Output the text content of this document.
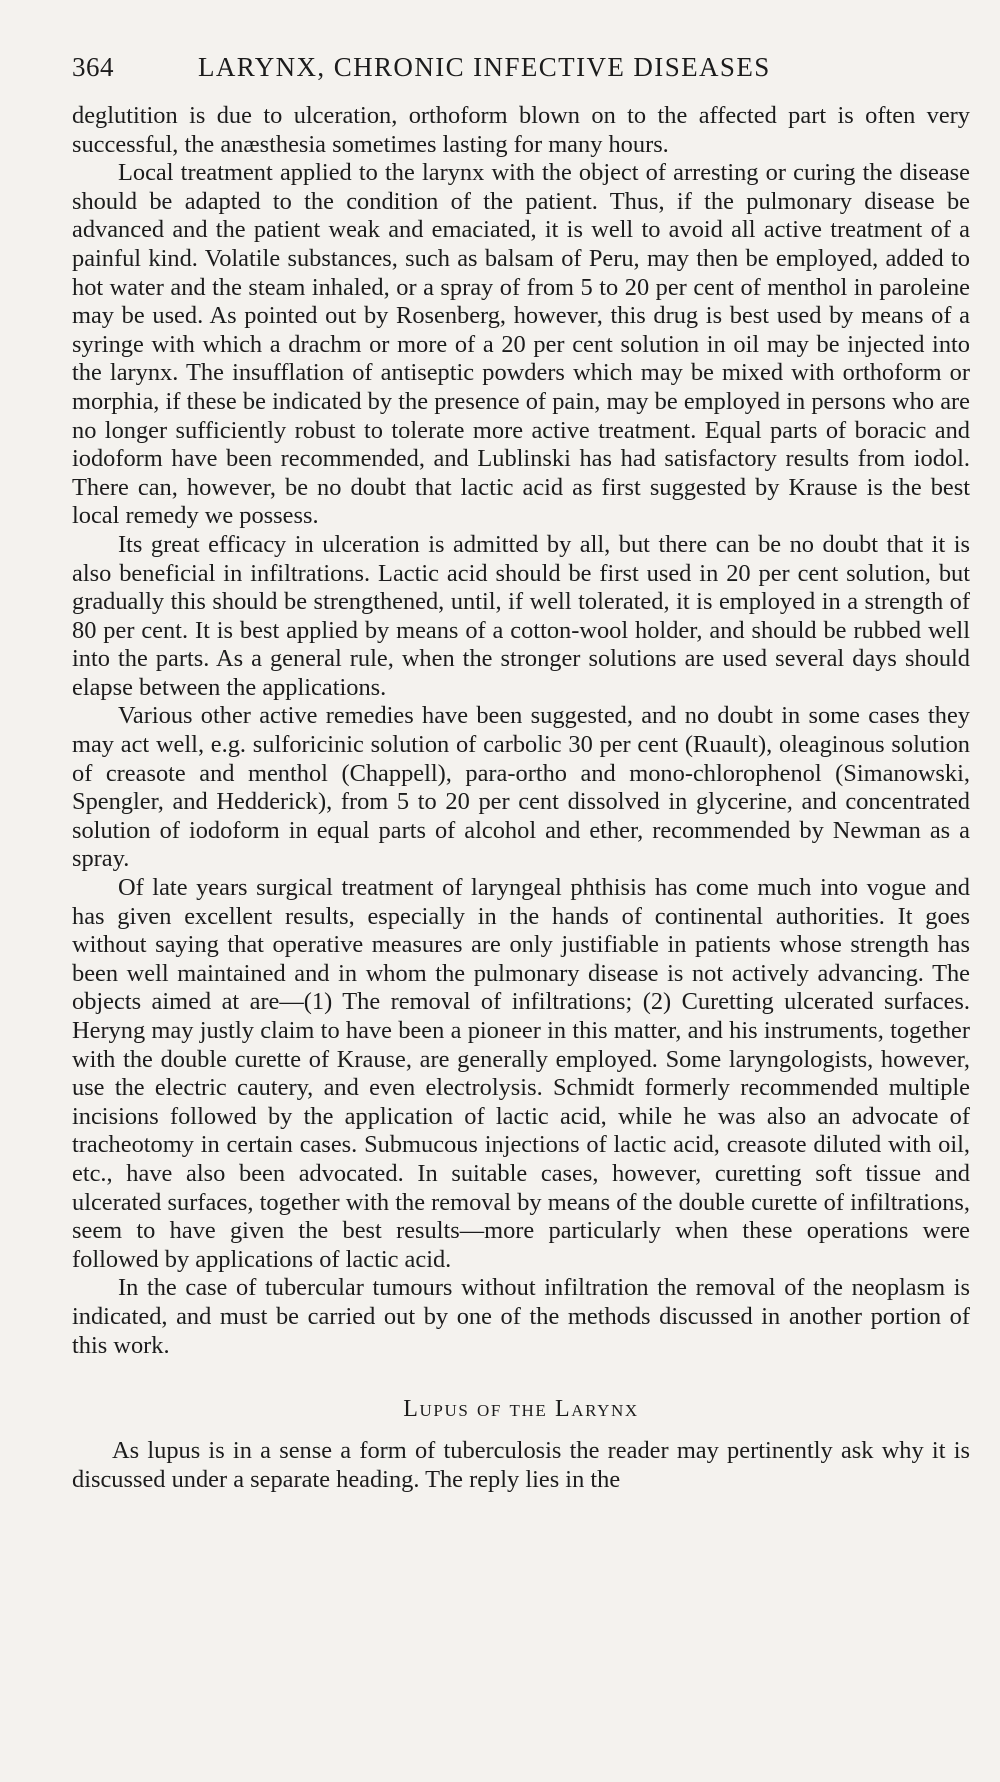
364	LARYNX, CHRONIC INFECTIVE DISEASES

deglutition is due to ulceration, orthoform blown on to the affected part is often very successful, the anæsthesia sometimes lasting for many hours.

Local treatment applied to the larynx with the object of arresting or curing the disease should be adapted to the condition of the patient. Thus, if the pulmonary disease be advanced and the patient weak and emaciated, it is well to avoid all active treatment of a painful kind. Volatile substances, such as balsam of Peru, may then be employed, added to hot water and the steam inhaled, or a spray of from 5 to 20 per cent of menthol in paroleine may be used. As pointed out by Rosenberg, however, this drug is best used by means of a syringe with which a drachm or more of a 20 per cent solution in oil may be injected into the larynx. The insufflation of antiseptic powders which may be mixed with orthoform or morphia, if these be indicated by the presence of pain, may be employed in persons who are no longer sufficiently robust to tolerate more active treatment. Equal parts of boracic and iodoform have been recommended, and Lublinski has had satisfactory results from iodol. There can, however, be no doubt that lactic acid as first suggested by Krause is the best local remedy we possess.

Its great efficacy in ulceration is admitted by all, but there can be no doubt that it is also beneficial in infiltrations. Lactic acid should be first used in 20 per cent solution, but gradually this should be strengthened, until, if well tolerated, it is employed in a strength of 80 per cent. It is best applied by means of a cotton-wool holder, and should be rubbed well into the parts. As a general rule, when the stronger solutions are used several days should elapse between the applications.

Various other active remedies have been suggested, and no doubt in some cases they may act well, e.g. sulforicinic solution of carbolic 30 per cent (Ruault), oleaginous solution of creasote and menthol (Chappell), para-ortho and mono-chlorophenol (Simanowski, Spengler, and Hedderick), from 5 to 20 per cent dissolved in glycerine, and concentrated solution of iodoform in equal parts of alcohol and ether, recommended by Newman as a spray.

Of late years surgical treatment of laryngeal phthisis has come much into vogue and has given excellent results, especially in the hands of continental authorities. It goes without saying that operative measures are only justifiable in patients whose strength has been well maintained and in whom the pulmonary disease is not actively advancing. The objects aimed at are—(1) The removal of infiltrations; (2) Curetting ulcerated surfaces. Heryng may justly claim to have been a pioneer in this matter, and his instruments, together with the double curette of Krause, are generally employed. Some laryngologists, however, use the electric cautery, and even electrolysis. Schmidt formerly recommended multiple incisions followed by the application of lactic acid, while he was also an advocate of tracheotomy in certain cases. Submucous injections of lactic acid, creasote diluted with oil, etc., have also been advocated. In suitable cases, however, curetting soft tissue and ulcerated surfaces, together with the removal by means of the double curette of infiltrations, seem to have given the best results—more particularly when these operations were followed by applications of lactic acid.

In the case of tubercular tumours without infiltration the removal of the neoplasm is indicated, and must be carried out by one of the methods discussed in another portion of this work.

Lupus of the Larynx

As lupus is in a sense a form of tuberculosis the reader may pertinently ask why it is discussed under a separate heading. The reply lies in the
